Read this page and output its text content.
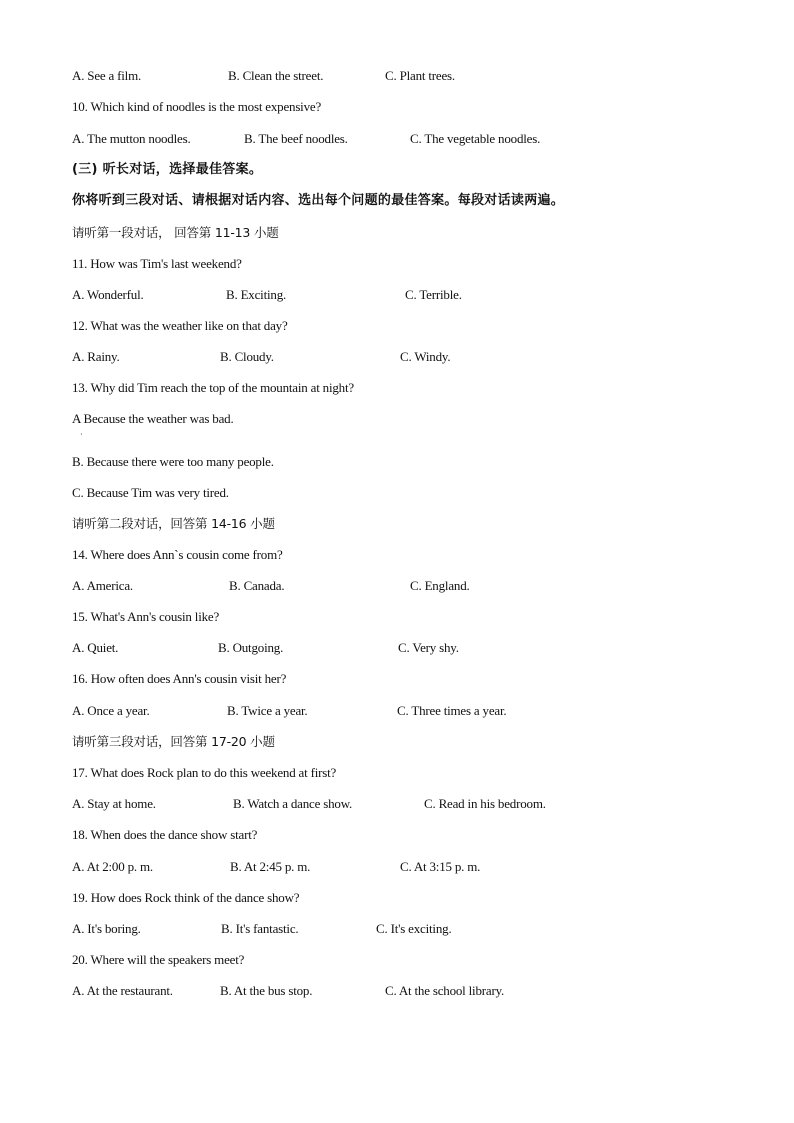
A. See a film.	B. Clean the street.	C. Plant trees.
10. Which kind of noodles is the most expensive?
A. The mutton noodles.	B. The beef noodles.	C. The vegetable noodles.
(三) 听长对话，选择最佳答案。
你将听到三段对话、请根据对话内容、选出每个问题的最佳答案。每段对话读两遍。
请听第一段对话， 回答第 11-13 小题
11. How was Tim's last weekend?
A. Wonderful.	B. Exciting.	C. Terrible.
12. What was the weather like on that day?
A. Rainy.	B. Cloudy.	C. Windy.
13. Why did Tim reach the top of the mountain at night?
A Because the weather was bad.
·
B. Because there were too many people.
C. Because Tim was very tired.
请听第二段对话，回答第 14-16 小题
14. Where does Ann`s cousin come from?
A. America.	B. Canada.	C. England.
15. What's Ann's cousin like?
A. Quiet.	B. Outgoing.	C. Very shy.
16. How often does Ann's cousin visit her?
A. Once a year.	B. Twice a year.	C. Three times a year.
请听第三段对话，回答第 17-20 小题
17. What does Rock plan to do this weekend at first?
A. Stay at home.	B. Watch a dance show.	C. Read in his bedroom.
18. When does the dance show start?
A. At 2:00 p. m.	B. At 2:45 p. m.	C. At 3:15 p. m.
19. How does Rock think of the dance show?
A. It's boring.	B. It's fantastic.	C. It's exciting.
20. Where will the speakers meet?
A. At the restaurant.	B. At the bus stop.	C. At the school library.
